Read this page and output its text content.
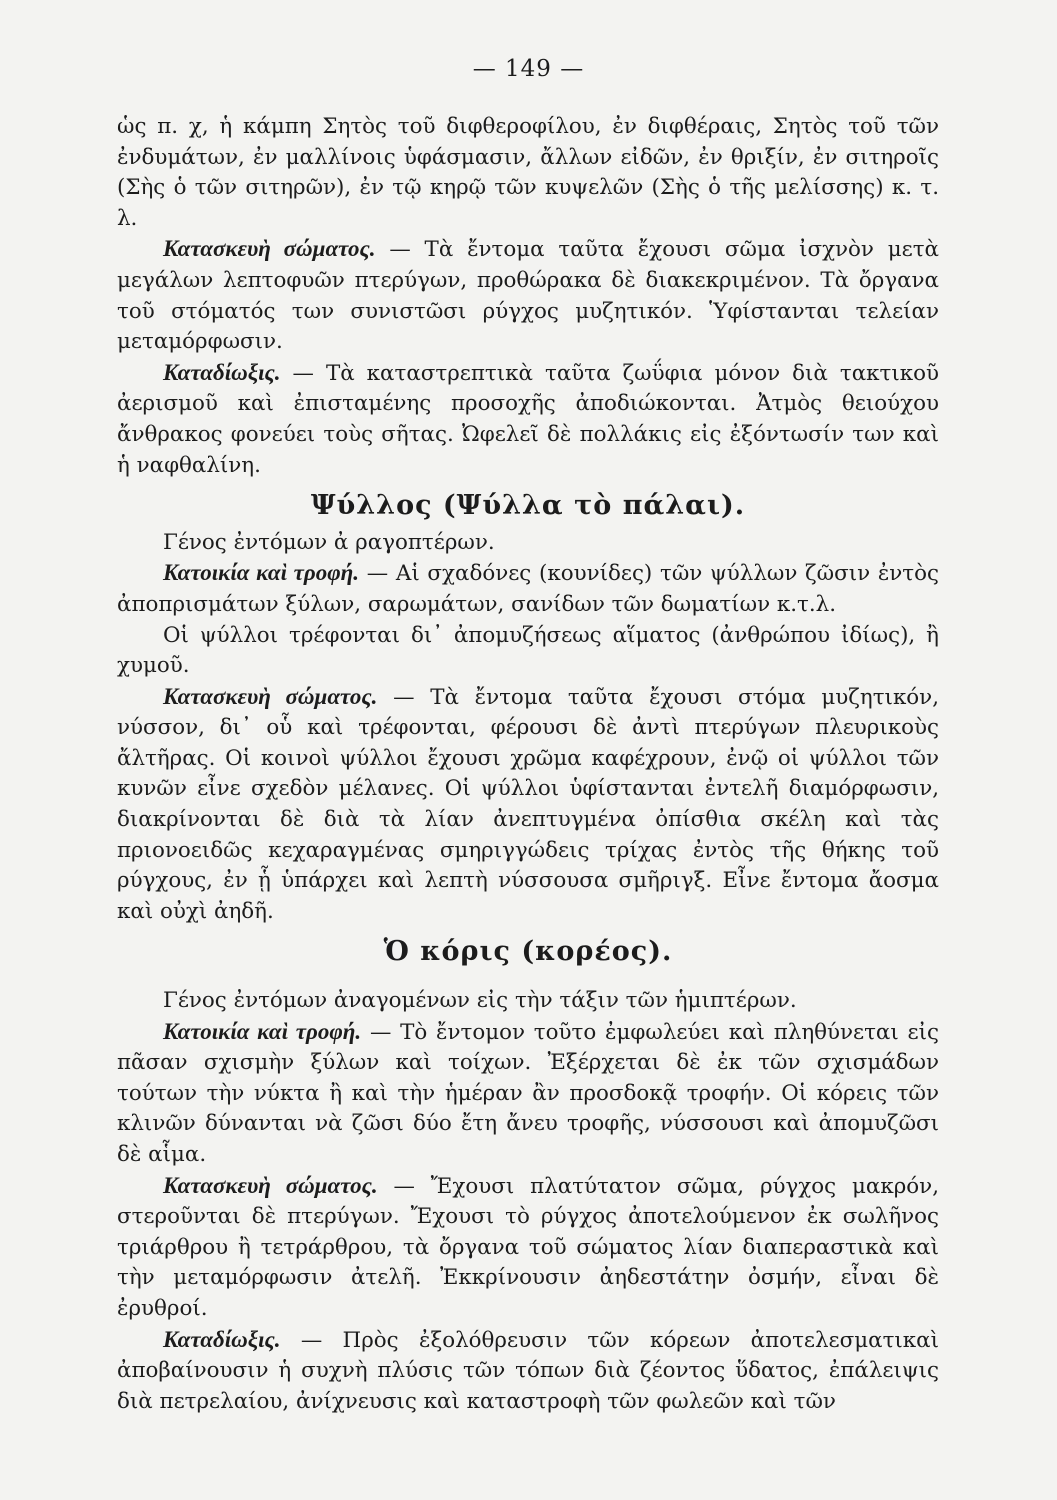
— 149 —

ὡς π. χ, ἡ κάμπη Σητὸς τοῦ διφθεροφίλου, ἐν διφθέραις, Σητὸς τοῦ τῶν ἐνδυμάτων, ἐν μαλλίνοις ὑφάσμασιν, ἄλλων εἰδῶν, ἐν θριξίν, ἐν σιτηροῖς (Σὴς ὁ τῶν σιτηρῶν), ἐν τῷ κηρῷ τῶν κυψελῶν (Σὴς ὁ τῆς μελίσσης) κ. τ. λ.

Κατασκευὴ σώματος. — Τὰ ἔντομα ταῦτα ἔχουσι σῶμα ἰσχνὸν μετὰ μεγάλων λεπτοφυῶν πτερύγων, προθώρακα δὲ διακεκριμένον. Τὰ ὄργανα τοῦ στόματός των συνιστῶσι ρύγχος μυζητικόν. Ὑφίστανται τελείαν μεταμόρφωσιν.

Καταδίωξις. — Τὰ καταστρεπτικὰ ταῦτα ζωΰφια μόνον διὰ τακτικοῦ ἀερισμοῦ καὶ ἐπισταμένης προσοχῆς ἀποδιώκονται. Ἀτμὸς θειούχου ἄνθρακος φονεύει τοὺς σῆτας. Ὠφελεῖ δὲ πολλάκις εἰς ἐξόντωσίν των καὶ ἡ ναφθαλίνη.

Ψύλλος (Ψύλλα τὸ πάλαι).

Γένος ἐντόμων ἀ ραγοπτέρων.

Κατοικία καὶ τροφή. — Αἱ σχαδόνες (κουνίδες) τῶν ψύλλων ζῶσιν ἐντὸς ἀποπρισμάτων ξύλων, σαρωμάτων, σανίδων τῶν δωματίων κ.τ.λ.

Οἱ ψύλλοι τρέφονται δι᾽ ἀπομυζήσεως αἵματος (ἀνθρώπου ἰδίως), ἢ χυμοῦ.

Κατασκευὴ σώματος. — Τὰ ἔντομα ταῦτα ἔχουσι στόμα μυζητικόν, νύσσον, δι᾽ οὗ καὶ τρέφονται, φέρουσι δὲ ἀντὶ πτερύγων πλευρικοὺς ἄλτῆρας. Οἱ κοινοὶ ψύλλοι ἔχουσι χρῶμα καφέχρουν, ἐνῷ οἱ ψύλλοι τῶν κυνῶν εἶνε σχεδὸν μέλανες. Οἱ ψύλλοι ὑφίστανται ἐντελῆ διαμόρφωσιν, διακρίνονται δὲ διὰ τὰ λίαν ἀνεπτυγμένα ὀπίσθια σκέλη καὶ τὰς πριονοειδῶς κεχαραγμένας σμηριγγώδεις τρίχας ἐντὸς τῆς θήκης τοῦ ρύγχους, ἐν ᾗ ὑπάρχει καὶ λεπτὴ νύσσουσα σμῆριγξ. Εἶνε ἔντομα ἄοσμα καὶ οὐχὶ ἀηδῆ.

Ὁ κόρις (κορέος).

Γένος ἐντόμων ἀναγομένων εἰς τὴν τάξιν τῶν ἡμιπτέρων.

Κατοικία καὶ τροφή. — Τὸ ἔντομον τοῦτο ἐμφωλεύει καὶ πληθύνεται εἰς πᾶσαν σχισμὴν ξύλων καὶ τοίχων. Ἐξέρχεται δὲ ἐκ τῶν σχισμάδων τούτων τὴν νύκτα ἢ καὶ τὴν ἡμέραν ἂν προσδοκᾷ τροφήν. Οἱ κόρεις τῶν κλινῶν δύνανται νὰ ζῶσι δύο ἔτη ἄνευ τροφῆς, νύσσουσι καὶ ἀπομυζῶσι δὲ αἷμα.

Κατασκευὴ σώματος. — Ἔχουσι πλατύτατον σῶμα, ρύγχος μακρόν, στεροῦνται δὲ πτερύγων. Ἔχουσι τὸ ρύγχος ἀποτελούμενον ἐκ σωλῆνος τριάρθρου ἢ τετράρθρου, τὰ ὄργανα τοῦ σώματος λίαν διαπεραστικὰ καὶ τὴν μεταμόρφωσιν ἀτελῆ. Ἐκκρίνουσιν ἀηδεστάτην ὀσμήν, εἶναι δὲ ἐρυθροί.

Καταδίωξις. — Πρὸς ἐξολόθρευσιν τῶν κόρεων ἀποτελεσματικαὶ ἀποβαίνουσιν ἡ συχνὴ πλύσις τῶν τόπων διὰ ζέοντος ὕδατος, ἐπάλειψις διὰ πετρελαίου, ἀνίχνευσις καὶ καταστροφὴ τῶν φωλεῶν καὶ τῶν
